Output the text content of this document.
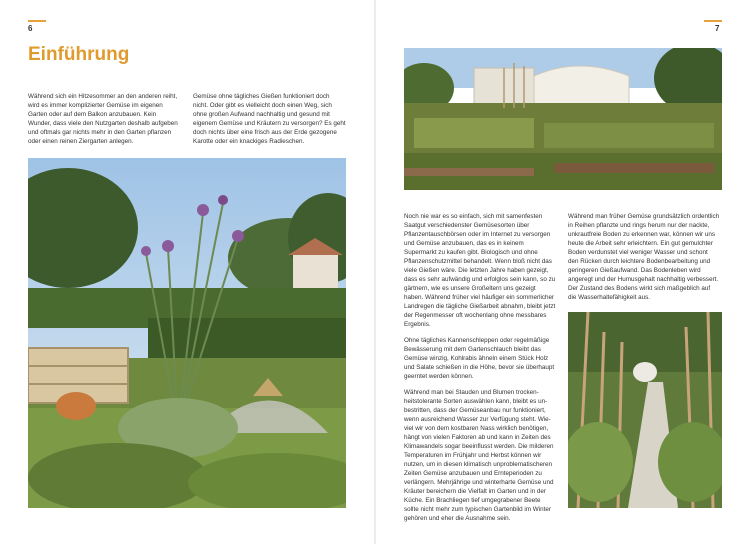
6
Einführung

Während sich ein Hitzesommer an den anderen reiht, wird es immer komplizierter Gemüse im eigenen Garten oder auf dem Balkon anzubauen. Kein Wunder, dass viele den Nutzgarten deshalb aufgeben und oftmals gar nichts mehr in den Garten pflanzen oder einen reinen Ziergarten anlegen.

Gemüse ohne tägliches Gießen funktioniert doch nicht. Oder gibt es vielleicht doch einen Weg, sich ohne großen Aufwand nachhaltig und gesund mit eigenem Gemüse und Kräutern zu versorgen? Es geht doch nichts über eine frisch aus der Erde gezogene Karotte oder ein knackiges Radieschen.

7

Noch nie war es so einfach, sich mit samenfesten Saatgut verschiedenster Gemüsesorten über Pflanzentauschbörsen oder im Internet zu versorgen und Gemüse anzubauen, das es in keinem Supermarkt zu kaufen gibt. Biologisch und ohne Pflanzenschutzmittel behandelt. Wenn bloß nicht das viele Gießen wäre. Die letzten Jahre haben gezeigt, dass es sehr aufwändig und erfolglos sein kann, so zu gärtnern, wie es unsere Großeltern uns gezeigt haben. Während früher viel häufiger ein sommerlicher Landregen die tägliche Gießarbeit abnahm, bleibt jetzt der Regenmesser oft wochenlang ohne messbares Ergebnis.

Ohne tägliches Kannenschleppen oder regelmäßige Bewässerung mit dem Gartenschlauch bleibt das Gemüse winzig, Kohlrabis ähneln einem Stück Holz und Salate schießen in die Höhe, bevor sie überhaupt geerntet werden können.

Während man bei Stauden und Blumen trockenheitstolerante Sorten auswählen kann, bleibt es unbestritten, dass der Gemüseanbau nur funktioniert, wenn ausreichend Wasser zur Verfügung steht. Wieviel wir von dem kostbaren Nass wirklich benötigen, hängt von vielen Faktoren ab und kann in Zeiten des Klimawandels sogar beeinflusst werden. Die milderen Temperaturen im Frühjahr und Herbst können wir nutzen, um in diesen klimatisch unproblematischeren Zeiten Gemüse anzubauen und Ernteperioden zu verlängern. Mehrjährige und winterharte Gemüse und Kräuter bereichern die Vielfalt im Garten und in der Küche. Ein Brachliegen tief umgegrabener Beete sollte nicht mehr zum typischen Gartenbild im Winter gehören und eher die Ausnahme sein.

Während man früher Gemüse grundsätzlich ordentlich in Reihen pflanzte und rings herum nur der nackte, unkrautfreie Boden zu erkennen war, können wir uns heute die Arbeit sehr erleichtern. Ein gut gemulchter Boden verdunstet viel weniger Wasser und schont den Rücken durch leichtere Bodenbearbeitung und geringeren Gießaufwand. Das Bodenleben wird angeregt und der Humusgehalt nachhaltig verbessert. Der Zustand des Bodens wirkt sich maßgeblich auf die Wasserhaltefähigkeit aus.
